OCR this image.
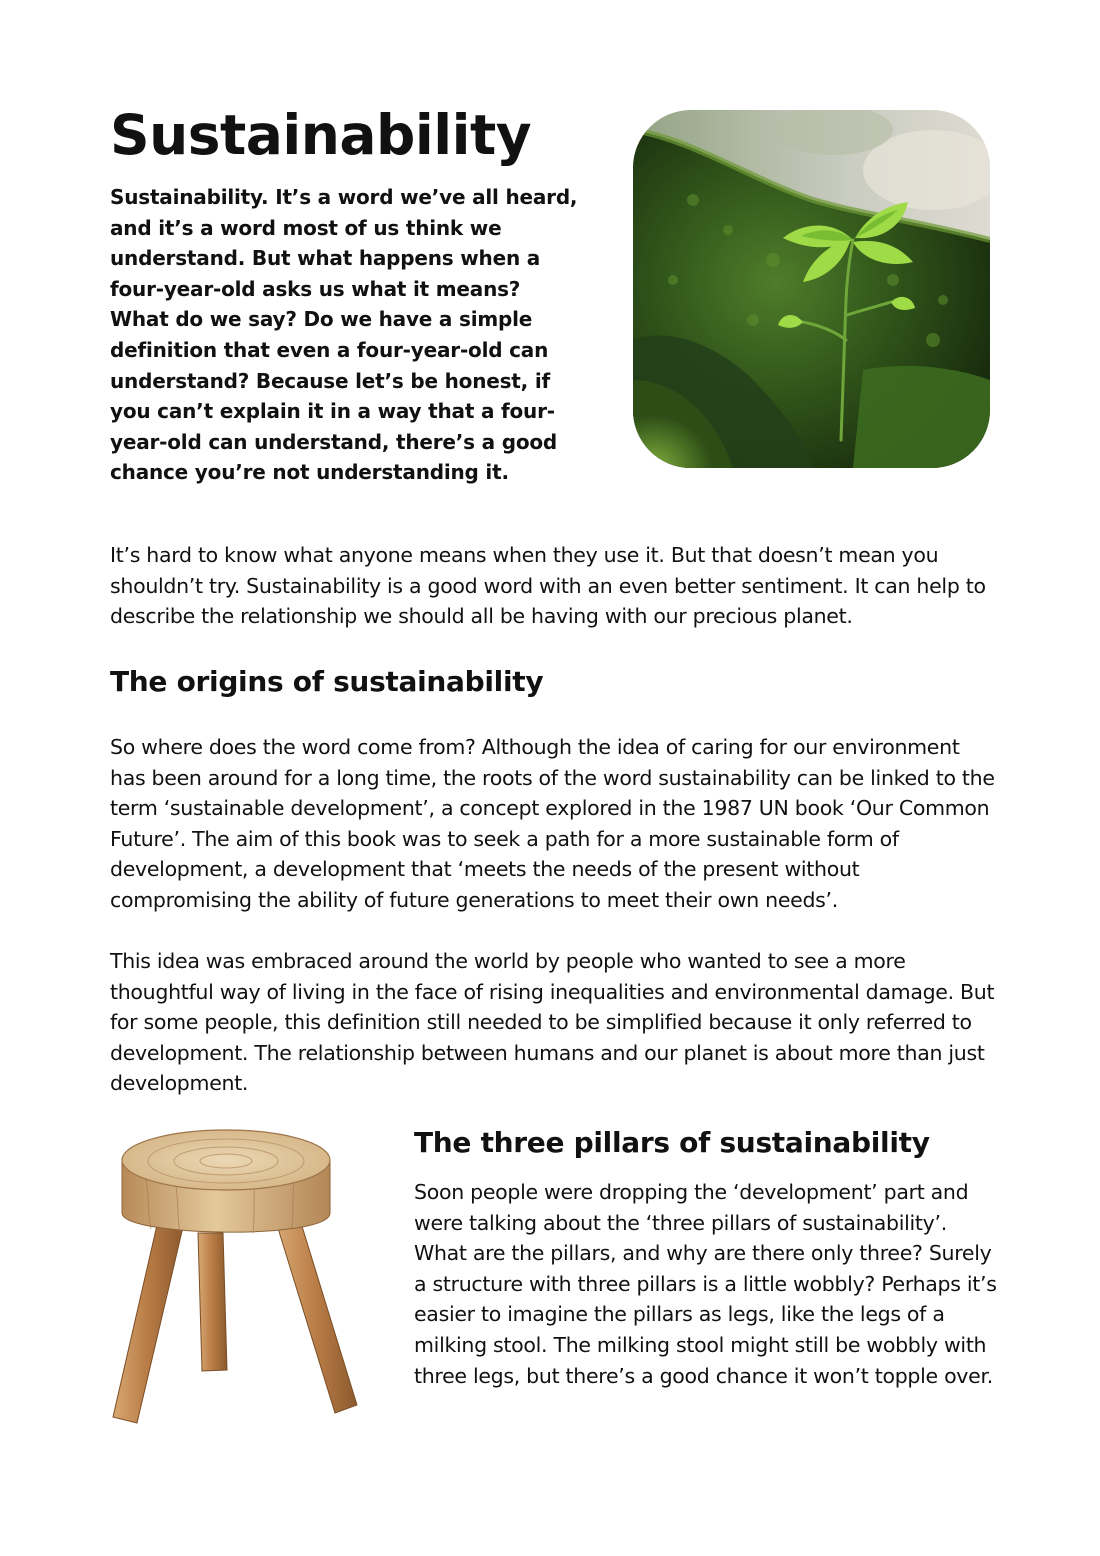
Sustainability

Sustainability. It’s a word we’ve all heard, and it’s a word most of us think we understand. But what happens when a four-year-old asks us what it means? What do we say? Do we have a simple definition that even a four-year-old can understand? Because let’s be honest, if you can’t explain it in a way that a four-year-old can understand, there’s a good chance you’re not understanding it.

It’s hard to know what anyone means when they use it. But that doesn’t mean you shouldn’t try. Sustainability is a good word with an even better sentiment. It can help to describe the relationship we should all be having with our precious planet.

The origins of sustainability

So where does the word come from? Although the idea of caring for our environment has been around for a long time, the roots of the word sustainability can be linked to the term ‘sustainable development’, a concept explored in the 1987 UN book ‘Our Common Future’. The aim of this book was to seek a path for a more sustainable form of development, a development that ‘meets the needs of the present without compromising the ability of future generations to meet their own needs’.

This idea was embraced around the world by people who wanted to see a more thoughtful way of living in the face of rising inequalities and environmental damage. But for some people, this definition still needed to be simplified because it only referred to development. The relationship between humans and our planet is about more than just development.

The three pillars of sustainability

Soon people were dropping the ‘development’ part and were talking about the ‘three pillars of sustainability’. What are the pillars, and why are there only three? Surely a structure with three pillars is a little wobbly? Perhaps it’s easier to imagine the pillars as legs, like the legs of a milking stool. The milking stool might still be wobbly with three legs, but there’s a good chance it won’t topple over.
